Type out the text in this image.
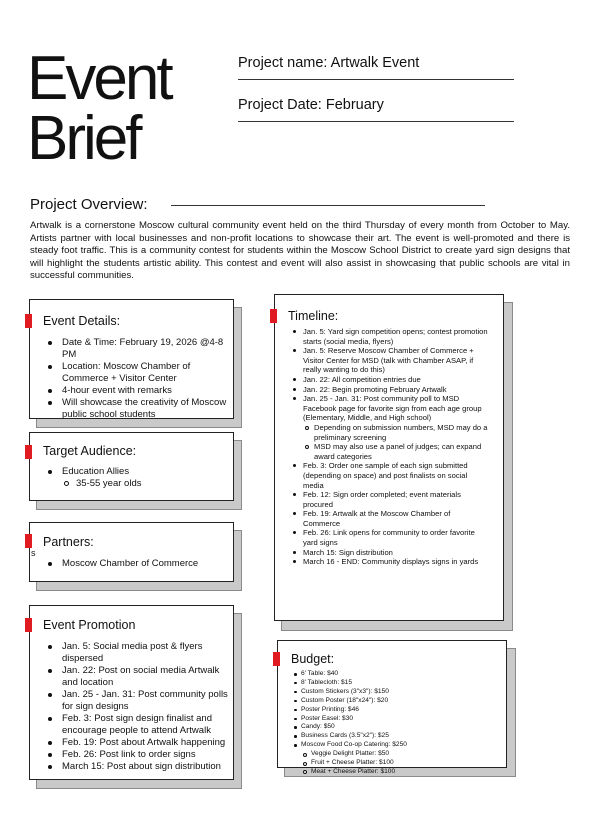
Event
Brief
Project name: Artwalk Event
Project Date: February
Project Overview:
Artwalk is a cornerstone Moscow cultural community event held on the third Thursday of every month from October to May. Artists partner with local businesses and non-profit locations to showcase their art. The event is well-promoted and there is steady foot traffic. This is a community contest for students within the Moscow School District to create yard sign designs that will highlight the students artistic ability. This contest and event will also assist in showcasing that public schools are vital in successful communities.
Event Details:
Date & Time: February 19, 2026 @4-8 PM
Location: Moscow Chamber of Commerce + Visitor Center
4-hour event with remarks
Will showcase the creativity of Moscow public school students
Target Audience:
Education Allies
35-55 year olds
Partners:
s
Moscow Chamber of Commerce
Event Promotion
Jan. 5: Social media post & flyers dispersed
Jan. 22: Post on social media Artwalk and location
Jan. 25 - Jan. 31: Post community polls for sign designs
Feb. 3: Post sign design finalist and encourage people to attend Artwalk
Feb. 19: Post about Artwalk happening
Feb. 26: Post link to order signs
March 15: Post about sign distribution
Timeline:
Jan. 5: Yard sign competition opens; contest promotion starts (social media, flyers)
Jan. 5: Reserve Moscow Chamber of Commerce + Visitor Center for MSD (talk with Chamber ASAP, if really wanting to do this)
Jan. 22: All competition entries due
Jan. 22: Begin promoting February Artwalk
Jan. 25 - Jan. 31: Post community poll to MSD Facebook page for favorite sign from each age group (Elementary, Middle, and High school)
Depending on submission numbers, MSD may do a preliminary screening
MSD may also use a panel of judges; can expand award categories
Feb. 3: Order one sample of each sign submitted (depending on space) and post finalists on social media
Feb. 12: Sign order completed; event materials procured
Feb. 19: Artwalk at the Moscow Chamber of Commerce
Feb. 26: Link opens for community to order favorite yard signs
March 15: Sign distribution
March 16 - END: Community displays signs in yards
Budget:
6' Table: $40
8' Tablecloth: $15
Custom Stickers (3"x3"): $150
Custom Poster (18"x24"): $20
Poster Printing: $46
Poster Easel: $30
Candy: $50
Business Cards (3.5"x2"): $25
Moscow Food Co-op Catering: $250
Veggie Delight Platter: $50
Fruit + Cheese Platter: $100
Meat + Cheese Platter: $100
